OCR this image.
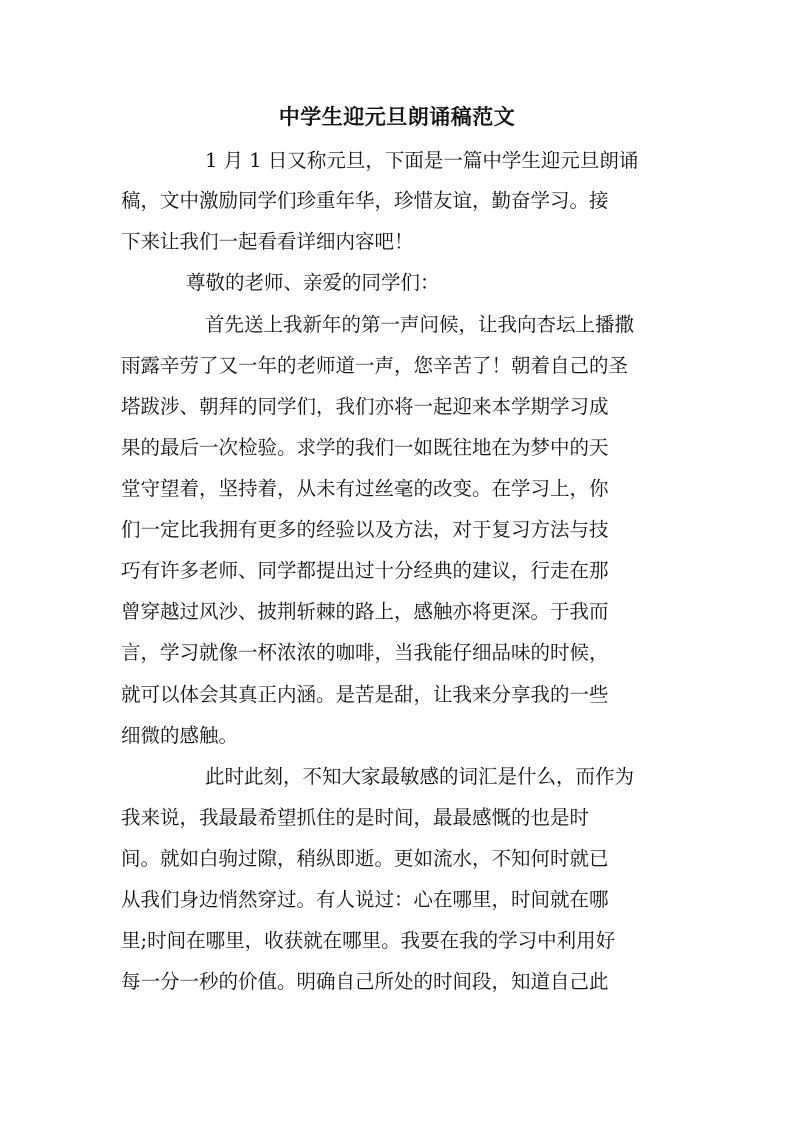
中学生迎元旦朗诵稿范文
1 月 1 日又称元旦，下面是一篇中学生迎元旦朗诵
稿，文中激励同学们珍重年华，珍惜友谊，勤奋学习。接
下来让我们一起看看详细内容吧！
尊敬的老师、亲爱的同学们：
首先送上我新年的第一声问候，让我向杏坛上播撒
雨露辛劳了又一年的老师道一声，您辛苦了！朝着自己的圣
塔跋涉、朝拜的同学们，我们亦将一起迎来本学期学习成
果的最后一次检验。求学的我们一如既往地在为梦中的天
堂守望着，坚持着，从未有过丝毫的改变。在学习上，你
们一定比我拥有更多的经验以及方法，对于复习方法与技
巧有许多老师、同学都提出过十分经典的建议，行走在那
曾穿越过风沙、披荆斩棘的路上，感触亦将更深。于我而
言，学习就像一杯浓浓的咖啡，当我能仔细品味的时候，
就可以体会其真正内涵。是苦是甜，让我来分享我的一些
细微的感触。
此时此刻，不知大家最敏感的词汇是什么，而作为
我来说，我最最希望抓住的是时间，最最感慨的也是时
间。就如白驹过隙，稍纵即逝。更如流水，不知何时就已
从我们身边悄然穿过。有人说过：心在哪里，时间就在哪
里;时间在哪里，收获就在哪里。我要在我的学习中利用好
每一分一秒的价值。明确自己所处的时间段，知道自己此
